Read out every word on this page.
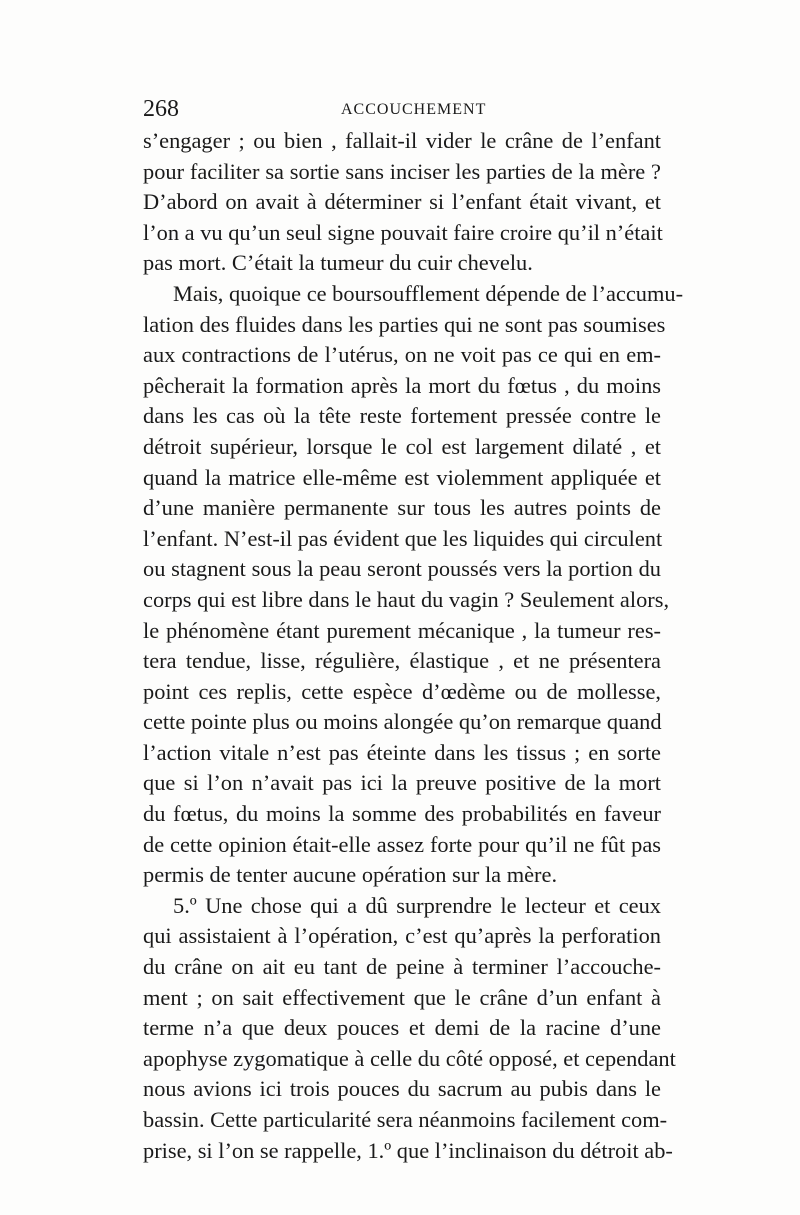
268	ACCOUCHEMENT
s’engager ; ou bien , fallait-il vider le crâne de l’enfant
pour faciliter sa sortie sans inciser les parties de la mère ?
D’abord on avait à déterminer si l’enfant était vivant, et
l’on a vu qu’un seul signe pouvait faire croire qu’il n’était
pas mort. C’était la tumeur du cuir chevelu.
Mais, quoique ce boursoufflement dépende de l’accumu-
lation des fluides dans les parties qui ne sont pas soumises
aux contractions de l’utérus, on ne voit pas ce qui en em-
pêcherait la formation après la mort du fœtus , du moins
dans les cas où la tête reste fortement pressée contre le
détroit supérieur, lorsque le col est largement dilaté , et
quand la matrice elle-même est violemment appliquée et
d’une manière permanente sur tous les autres points de
l’enfant. N’est-il pas évident que les liquides qui circulent
ou stagnent sous la peau seront poussés vers la portion du
corps qui est libre dans le haut du vagin ? Seulement alors,
le phénomène étant purement mécanique , la tumeur res-
tera tendue, lisse, régulière, élastique , et ne présentera
point ces replis, cette espèce d’œdème ou de mollesse,
cette pointe plus ou moins alongée qu’on remarque quand
l’action vitale n’est pas éteinte dans les tissus ; en sorte
que si l’on n’avait pas ici la preuve positive de la mort
du fœtus, du moins la somme des probabilités en faveur
de cette opinion était-elle assez forte pour qu’il ne fût pas
permis de tenter aucune opération sur la mère.
5.º Une chose qui a dû surprendre le lecteur et ceux
qui assistaient à l’opération, c’est qu’après la perforation
du crâne on ait eu tant de peine à terminer l’accouche-
ment ; on sait effectivement que le crâne d’un enfant à
terme n’a que deux pouces et demi de la racine d’une
apophyse zygomatique à celle du côté opposé, et cependant
nous avions ici trois pouces du sacrum au pubis dans le
bassin. Cette particularité sera néanmoins facilement com-
prise, si l’on se rappelle, 1.º que l’inclinaison du détroit ab-
